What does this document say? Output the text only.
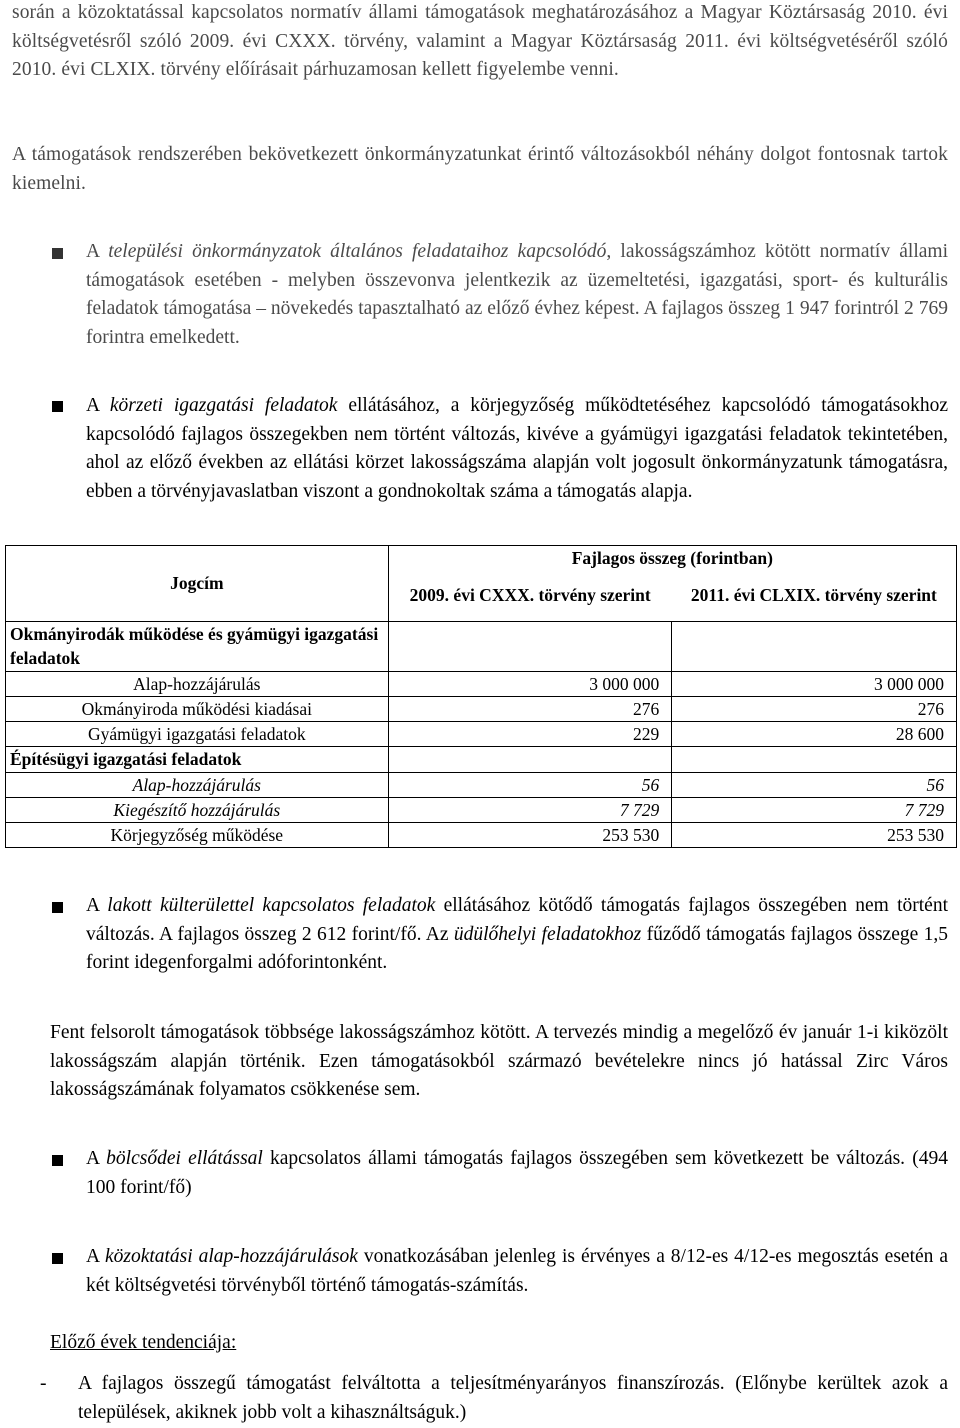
során a közoktatással kapcsolatos normatív állami támogatások meghatározásához a Magyar Köztársaság 2010. évi költségvetésről szóló 2009. évi CXXX. törvény, valamint a Magyar Köztársaság 2011. évi költségvetéséről szóló 2010. évi CLXIX. törvény előírásait párhuzamosan kellett figyelembe venni.

A támogatások rendszerében bekövetkezett önkormányzatunkat érintő változásokból néhány dolgot fontosnak tartok kiemelni.

A települési önkormányzatok általános feladataihoz kapcsolódó, lakosságszámhoz kötött normatív állami támogatások esetében - melyben összevonva jelentkezik az üzemeltetési, igazgatási, sport- és kulturális feladatok támogatása – növekedés tapasztalható az előző évhez képest. A fajlagos összeg 1 947 forintról 2 769 forintra emelkedett.

A körzeti igazgatási feladatok ellátásához, a körjegyzőség működtetéséhez kapcsolódó támogatásokhoz kapcsolódó fajlagos összegekben nem történt változás, kivéve a gyámügyi igazgatási feladatok tekintetében, ahol az előző években az ellátási körzet lakosságszáma alapján volt jogosult önkormányzatunk támogatásra, ebben a törvényjavaslatban viszont a gondnokoltak száma a támogatás alapja.

Jogcím	Fajlagos összeg (forintban)	
	2009. évi CXXX. törvény szerint	2011. évi CLXIX. törvény szerint
Okmányirodák működése és gyámügyi igazgatási feladatok		
Alap-hozzájárulás	3 000 000	3 000 000
Okmányiroda működési kiadásai	276	276
Gyámügyi igazgatási feladatok	229	28 600
Építésügyi igazgatási feladatok		
Alap-hozzájárulás	56	56
Kiegészítő hozzájárulás	7 729	7 729
Körjegyzőség működése	253 530	253 530

A lakott külterülettel kapcsolatos feladatok ellátásához kötődő támogatás fajlagos összegében nem történt változás. A fajlagos összeg 2 612 forint/fő. Az üdülőhelyi feladatokhoz fűződő támogatás fajlagos összege 1,5 forint idegenforgalmi adóforintonként.

Fent felsorolt támogatások többsége lakosságszámhoz kötött. A tervezés mindig a megelőző év január 1-i kiközölt lakosságszám alapján történik. Ezen támogatásokból származó bevételekre nincs jó hatással Zirc Város lakosságszámának folyamatos csökkenése sem.

A bölcsődei ellátással kapcsolatos állami támogatás fajlagos összegében sem következett be változás. (494 100 forint/fő)

A közoktatási alap-hozzájárulások vonatkozásában jelenleg is érvényes a 8/12-es 4/12-es megosztás esetén a két költségvetési törvényből történő támogatás-számítás.

Előző évek tendenciája:

- A fajlagos összegű támogatást felváltotta a teljesítményarányos finanszírozás. (Előnybe kerültek azok a települések, akiknek jobb volt a kihasználtságuk.)
